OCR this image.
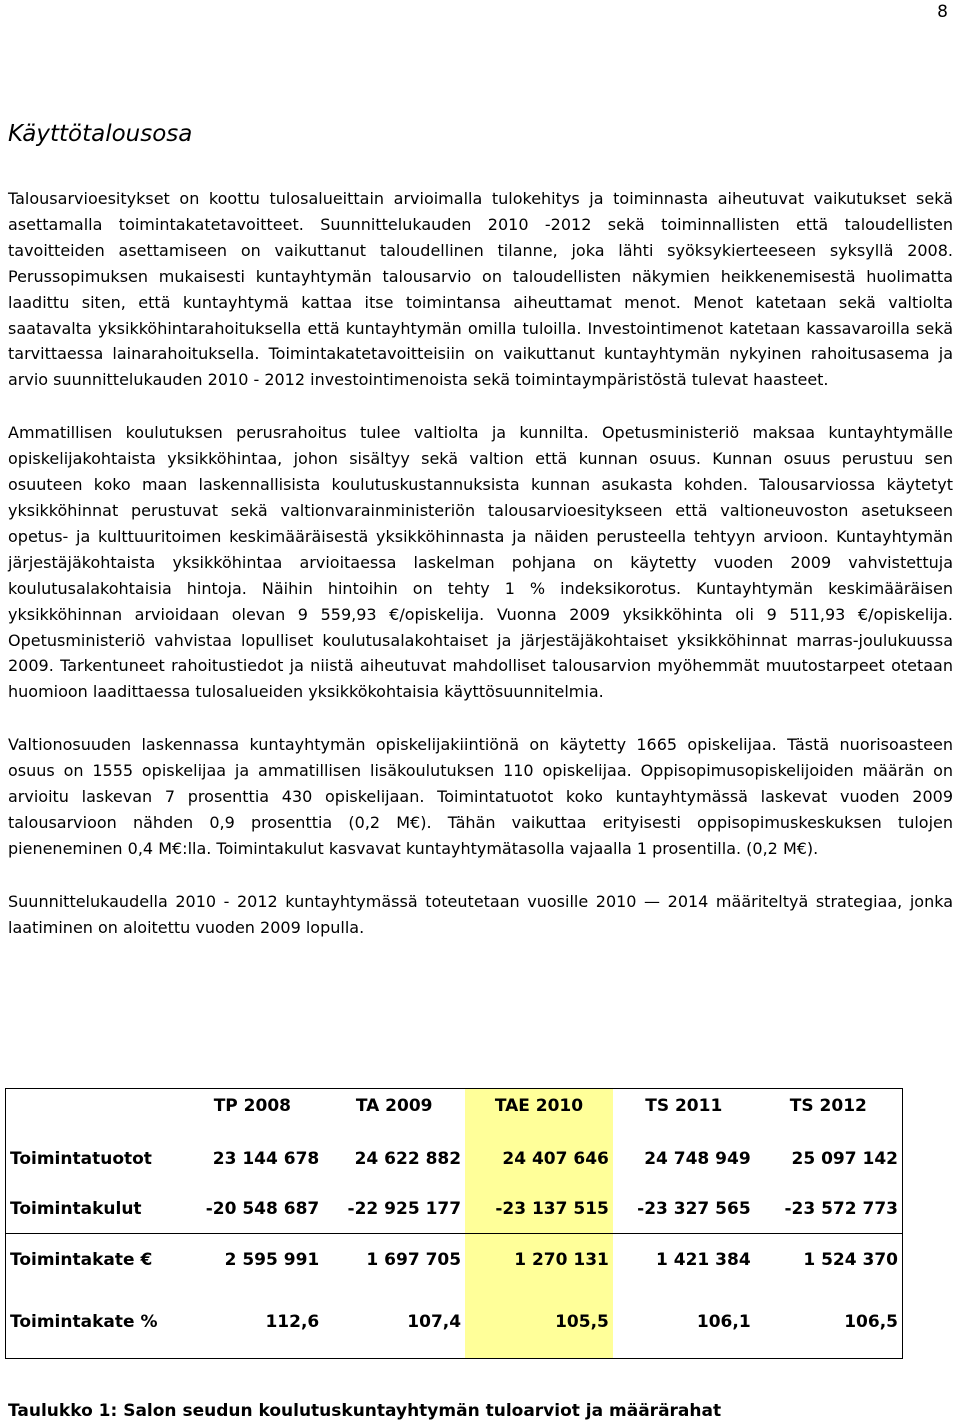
8
Käyttötalousosa

Talousarvioesitykset on koottu tulosalueittain arvioimalla tulokehitys ja toiminnasta aiheutuvat vaikutukset sekä asettamalla toimintakatetavoitteet. Suunnittelukauden 2010 -2012 sekä toiminnallisten että taloudellisten tavoitteiden asettamiseen on vaikuttanut taloudellinen tilanne, joka lähti syöksykierteeseen syksyllä 2008. Perussopimuksen mukaisesti kuntayhtymän talousarvio on taloudellisten näkymien heikkenemisestä huolimatta laadittu siten, että kuntayhtymä kattaa itse toimintansa aiheuttamat menot. Menot katetaan sekä valtiolta saatavalta yksikköhintarahoituksella että kuntayhtymän omilla tuloilla. Investointimenot katetaan kassavaroilla sekä tarvittaessa lainarahoituksella. Toimintakatetavoitteisiin on vaikuttanut kuntayhtymän nykyinen rahoitusasema ja arvio suunnittelukauden 2010 - 2012 investointimenoista sekä toimintaympäristöstä tulevat haasteet.

Ammatillisen koulutuksen perusrahoitus tulee valtiolta ja kunnilta. Opetusministeriö maksaa kuntayhtymälle opiskelijakohtaista yksikköhintaa, johon sisältyy sekä valtion että kunnan osuus. Kunnan osuus perustuu sen osuuteen koko maan laskennallisista koulutuskustannuksista kunnan asukasta kohden. Talousarviossa käytetyt yksikköhinnat perustuvat sekä valtionvarainministeriön talousarvioesitykseen että valtioneuvoston asetukseen opetus- ja kulttuuritoimen keskimääräisestä yksikköhinnasta ja näiden perusteella tehtyyn arvioon. Kuntayhtymän järjestäjäkohtaista yksikköhintaa arvioitaessa laskelman pohjana on käytetty vuoden 2009 vahvistettuja koulutusalakohtaisia hintoja. Näihin hintoihin on tehty 1 % indeksikorotus. Kuntayhtymän keskimääräisen yksikköhinnan arvioidaan olevan 9 559,93 €/opiskelija. Vuonna 2009 yksikköhinta oli 9 511,93 €/opiskelija. Opetusministeriö vahvistaa lopulliset koulutusalakohtaiset ja järjestäjäkohtaiset yksikköhinnat marras-joulukuussa 2009. Tarkentuneet rahoitustiedot ja niistä aiheutuvat mahdolliset talousarvion myöhemmät muutostarpeet otetaan huomioon laadittaessa tulosalueiden yksikkökohtaisia käyttösuunnitelmia.

Valtionosuuden laskennassa kuntayhtymän opiskelijakiintiönä on käytetty 1665 opiskelijaa. Tästä nuorisoasteen osuus on 1555 opiskelijaa ja ammatillisen lisäkoulutuksen 110 opiskelijaa. Oppisopimusopiskelijoiden määrän on arvioitu laskevan 7 prosenttia 430 opiskelijaan. Toimintatuotot koko kuntayhtymässä laskevat vuoden 2009 talousarvioon nähden 0,9 prosenttia (0,2 M€). Tähän vaikuttaa erityisesti oppisopimuskeskuksen tulojen pieneneminen 0,4 M€:lla. Toimintakulut kasvavat kuntayhtymätasolla vajaalla 1 prosentilla. (0,2 M€).

Suunnittelukaudella 2010 - 2012 kuntayhtymässä toteutetaan vuosille 2010 — 2014 määriteltyä strategiaa, jonka laatiminen on aloitettu vuoden 2009 lopulla.

	TP 2008	TA 2009	TAE 2010	TS 2011	TS 2012
Toimintatuotot	23 144 678	24 622 882	24 407 646	24 748 949	25 097 142
Toimintakulut	-20 548 687	-22 925 177	-23 137 515	-23 327 565	-23 572 773
Toimintakate €	2 595 991	1 697 705	1 270 131	1 421 384	1 524 370
Toimintakate %	112,6	107,4	105,5	106,1	106,5

Taulukko 1: Salon seudun koulutuskuntayhtymän tuloarviot ja määrärahat
